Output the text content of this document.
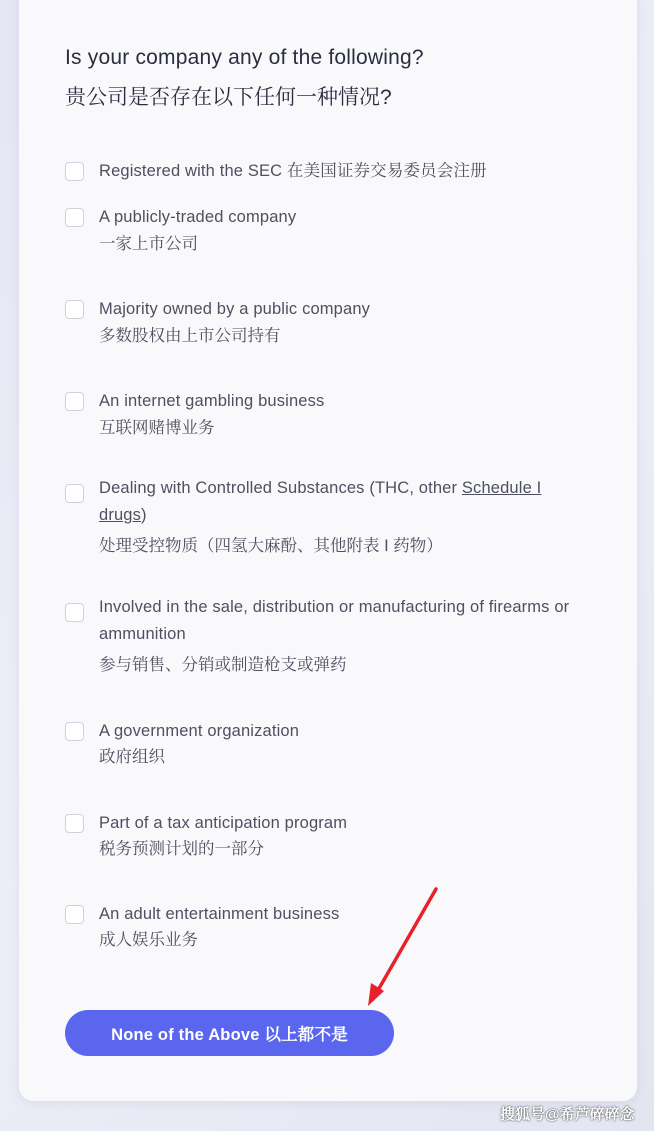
Is your company any of the following?
贵公司是否存在以下任何一种情况?
Registered with the SEC 在美国证券交易委员会注册
A publicly-traded company
一家上市公司
Majority owned by a public company
多数股权由上市公司持有
An internet gambling business
互联网赌博业务
Dealing with Controlled Substances (THC, other Schedule I drugs)
处理受控物质（四氢大麻酚、其他附表 I 药物）
Involved in the sale, distribution or manufacturing of firearms or ammunition
参与销售、分销或制造枪支或弹药
A government organization
政府组织
Part of a tax anticipation program
税务预测计划的一部分
An adult entertainment business
成人娱乐业务
None of the Above 以上都不是
搜狐号@希芦碎碎念
